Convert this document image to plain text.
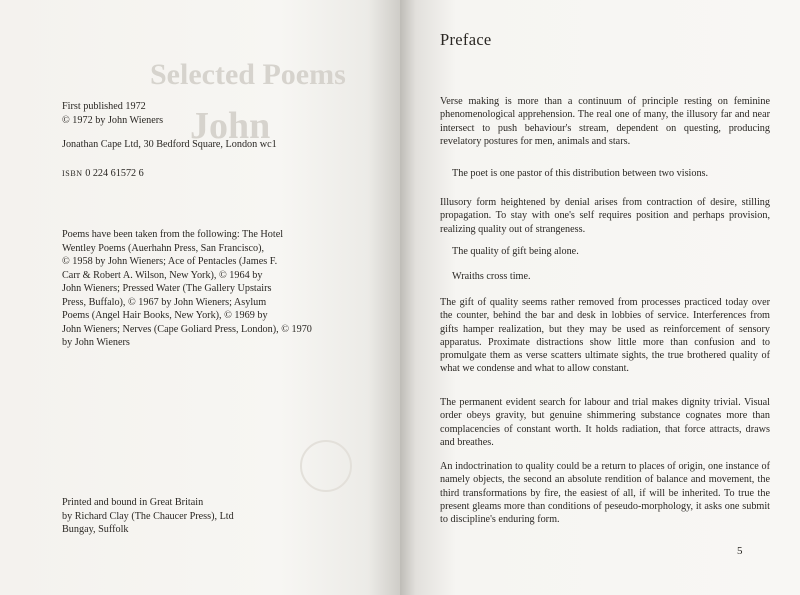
Selected Poems
John
First published 1972
© 1972 by John Wieners
Jonathan Cape Ltd, 30 Bedford Square, London wc1
ISBN 0 224 61572 6
Poems have been taken from the following: The Hotel
Wentley Poems (Auerhahn Press, San Francisco),
© 1958 by John Wieners; Ace of Pentacles (James F.
Carr & Robert A. Wilson, New York), © 1964 by
John Wieners; Pressed Water (The Gallery Upstairs
Press, Buffalo), © 1967 by John Wieners; Asylum
Poems (Angel Hair Books, New York), © 1969 by
John Wieners; Nerves (Cape Goliard Press, London), © 1970
by John Wieners
Printed and bound in Great Britain
by Richard Clay (The Chaucer Press), Ltd
Bungay, Suffolk
Preface

Verse making is more than a continuum of principle resting on feminine phenomenological apprehension. The real one of many, the illusory far and near intersect to push behaviour's stream, dependent on questing, producing revelatory postures for men, animals and stars.

The poet is one pastor of this distribution between two visions.

Illusory form heightened by denial arises from contraction of desire, stilling propagation. To stay with one's self requires position and perhaps provision, realizing quality out of strangeness.

The quality of gift being alone.

Wraiths cross time.

The gift of quality seems rather removed from processes practiced today over the counter, behind the bar and desk in lobbies of service. Interferences from gifts hamper realization, but they may be used as reinforcement of sensory apparatus. Proximate distractions show little more than confusion and to promulgate them as verse scatters ultimate sights, the true brothered quality of what we condense and what to allow constant.

The permanent evident search for labour and trial makes dignity trivial. Visual order obeys gravity, but genuine shimmering substance cognates more than complacencies of constant worth. It holds radiation, that force attracts, draws and breathes.

An indoctrination to quality could be a return to places of origin, one instance of namely objects, the second an absolute rendition of balance and movement, the third transformations by fire, the easiest of all, if will be inherited. To true the present gleams more than conditions of peseudo-morphology, it asks one submit to discipline's enduring form.

5
